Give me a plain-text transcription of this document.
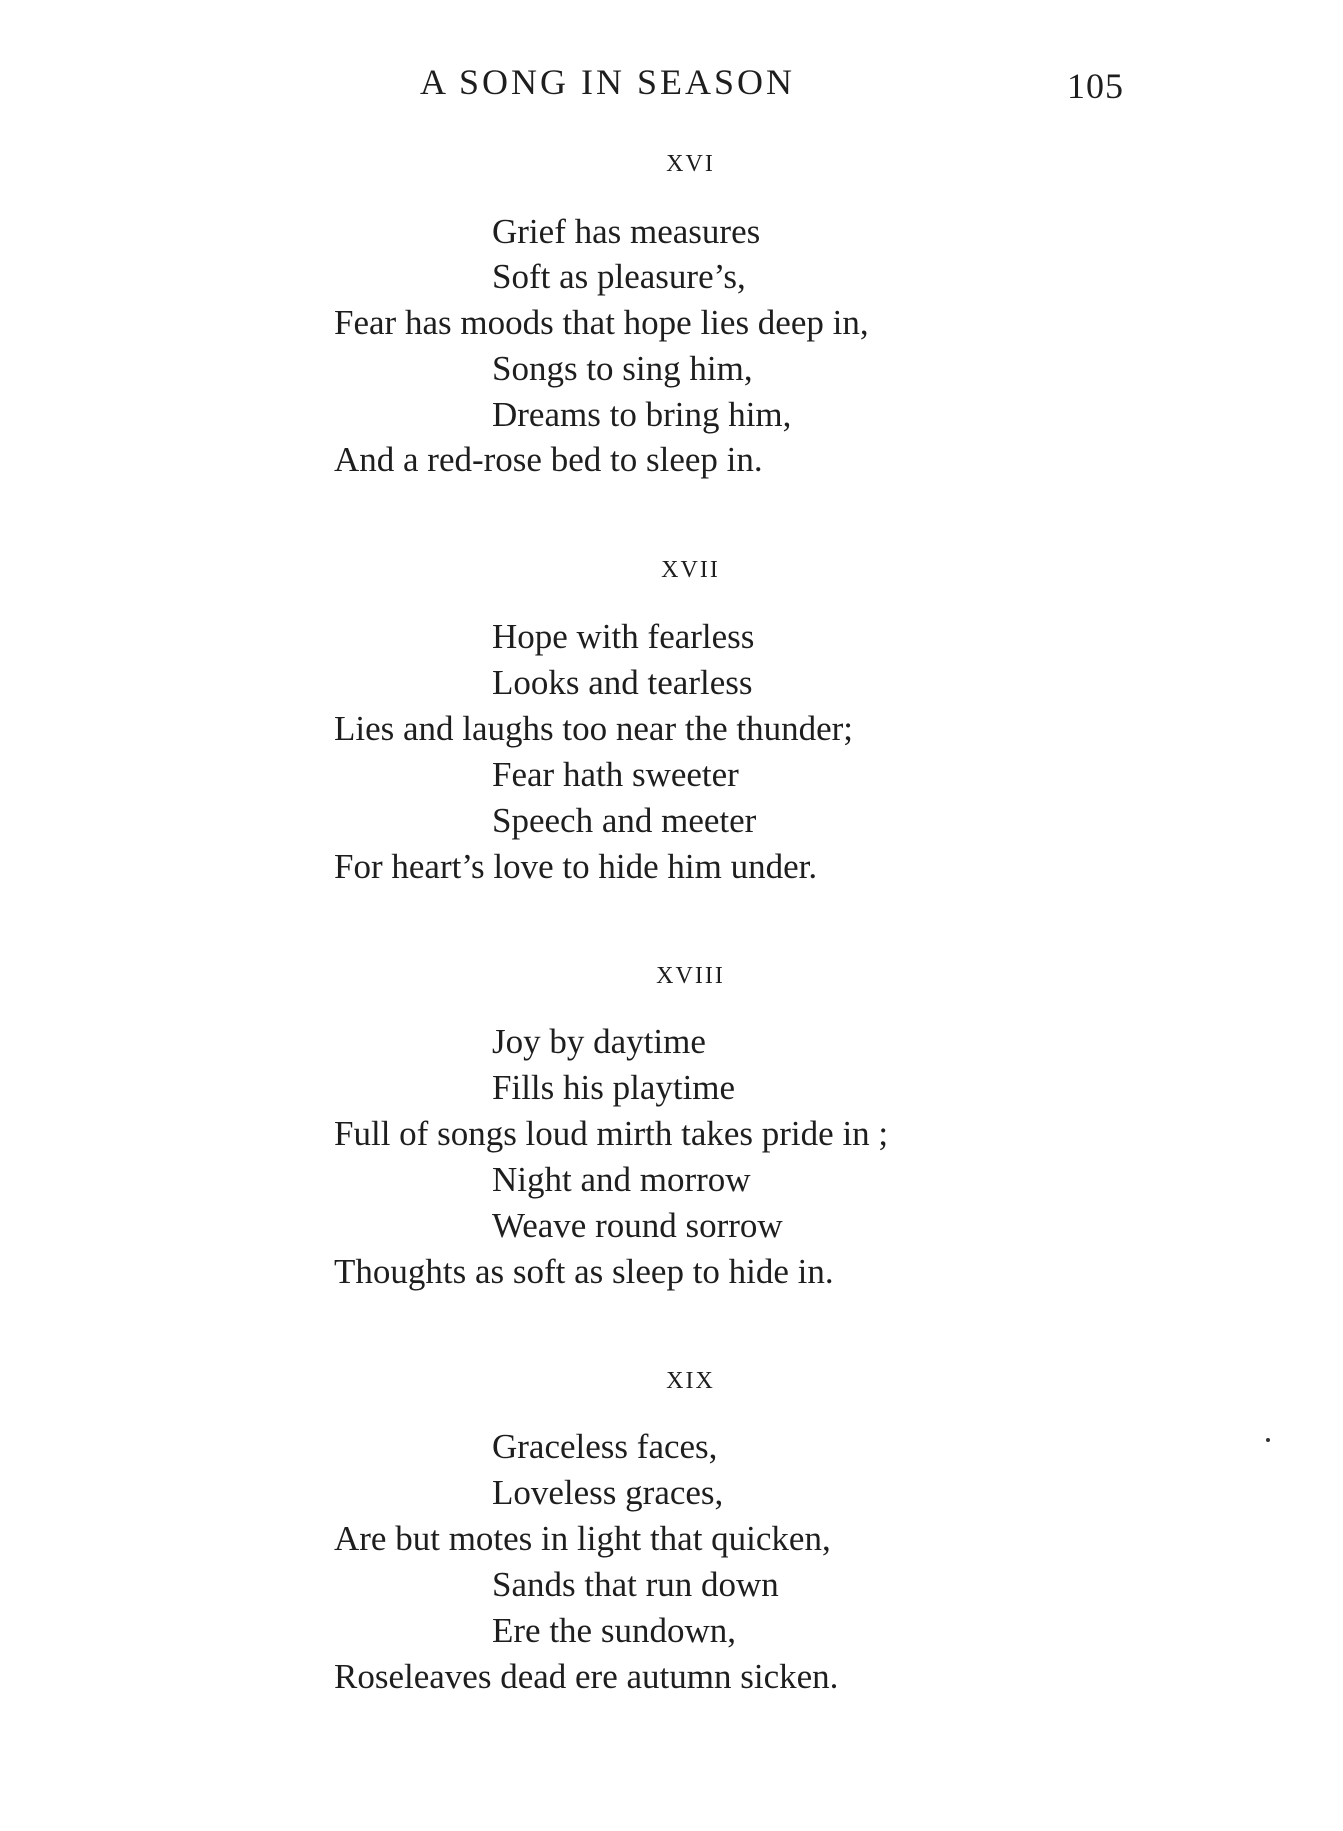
A SONG IN SEASON	105
XVI
Grief has measures
Soft as pleasure’s,
Fear has moods that hope lies deep in,
Songs to sing him,
Dreams to bring him,
And a red-rose bed to sleep in.
XVII
Hope with fearless
Looks and tearless
Lies and laughs too near the thunder;
Fear hath sweeter
Speech and meeter
For heart’s love to hide him under.
XVIII
Joy by daytime
Fills his playtime
Full of songs loud mirth takes pride in ;
Night and morrow
Weave round sorrow
Thoughts as soft as sleep to hide in.
XIX
Graceless faces,
Loveless graces,
Are but motes in light that quicken,
Sands that run down
Ere the sundown,
Roseleaves dead ere autumn sicken.
